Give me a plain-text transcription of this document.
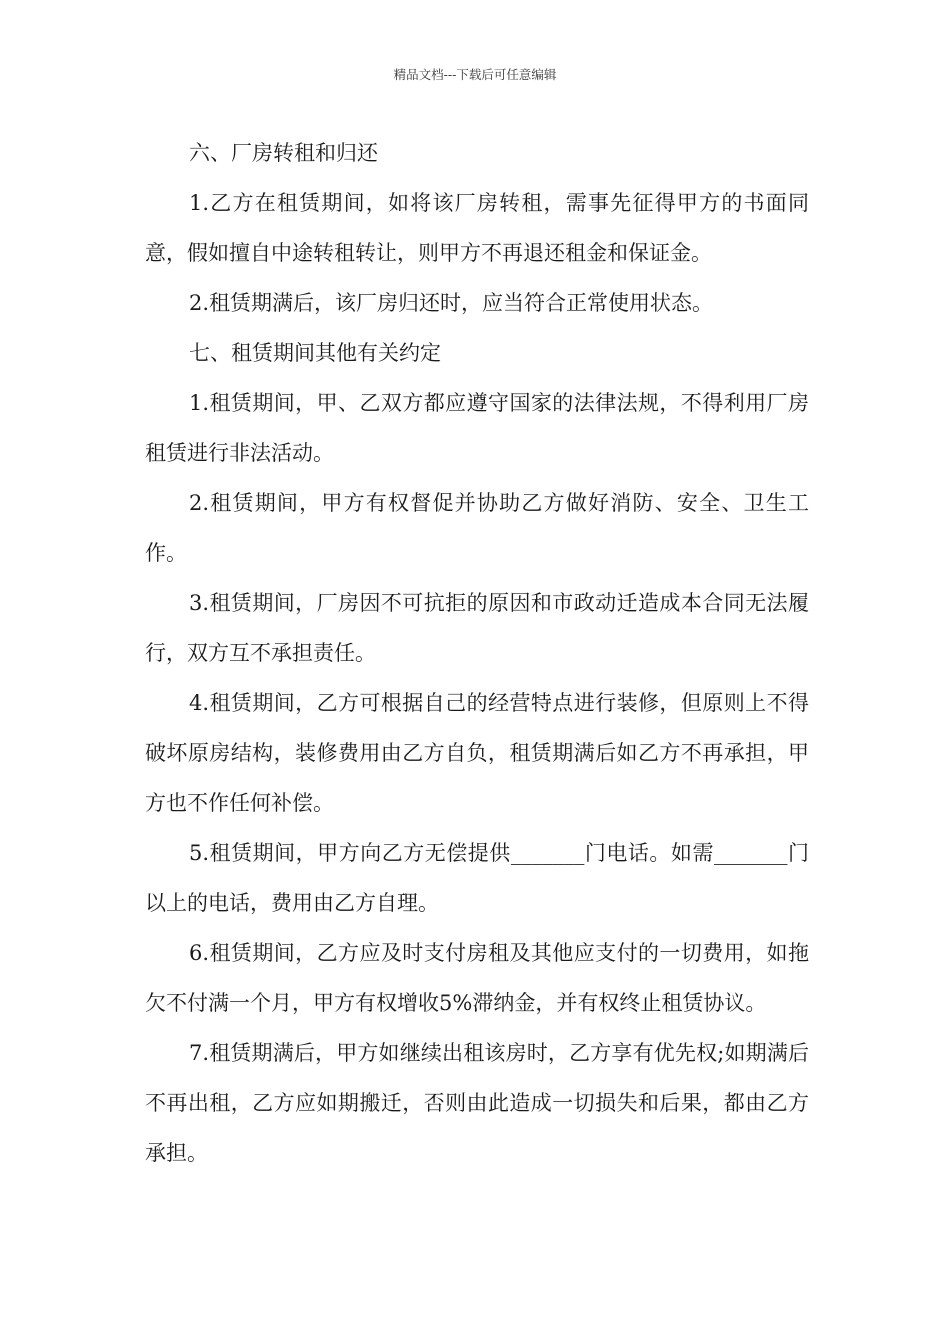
精品文档---下载后可任意编辑

六、厂房转租和归还

1.乙方在租赁期间，如将该厂房转租，需事先征得甲方的书面同意，假如擅自中途转租转让，则甲方不再退还租金和保证金。

2.租赁期满后，该厂房归还时，应当符合正常使用状态。

七、租赁期间其他有关约定

1.租赁期间，甲、乙双方都应遵守国家的法律法规，不得利用厂房租赁进行非法活动。

2.租赁期间，甲方有权督促并协助乙方做好消防、安全、卫生工作。

3.租赁期间，厂房因不可抗拒的原因和市政动迁造成本合同无法履行，双方互不承担责任。

4.租赁期间，乙方可根据自己的经营特点进行装修，但原则上不得破坏原房结构，装修费用由乙方自负，租赁期满后如乙方不再承担，甲方也不作任何补偿。

5.租赁期间，甲方向乙方无偿提供_______门电话。如需_______门以上的电话，费用由乙方自理。

6.租赁期间，乙方应及时支付房租及其他应支付的一切费用，如拖欠不付满一个月，甲方有权增收5%滞纳金，并有权终止租赁协议。

7.租赁期满后，甲方如继续出租该房时，乙方享有优先权;如期满后不再出租，乙方应如期搬迁，否则由此造成一切损失和后果，都由乙方承担。
